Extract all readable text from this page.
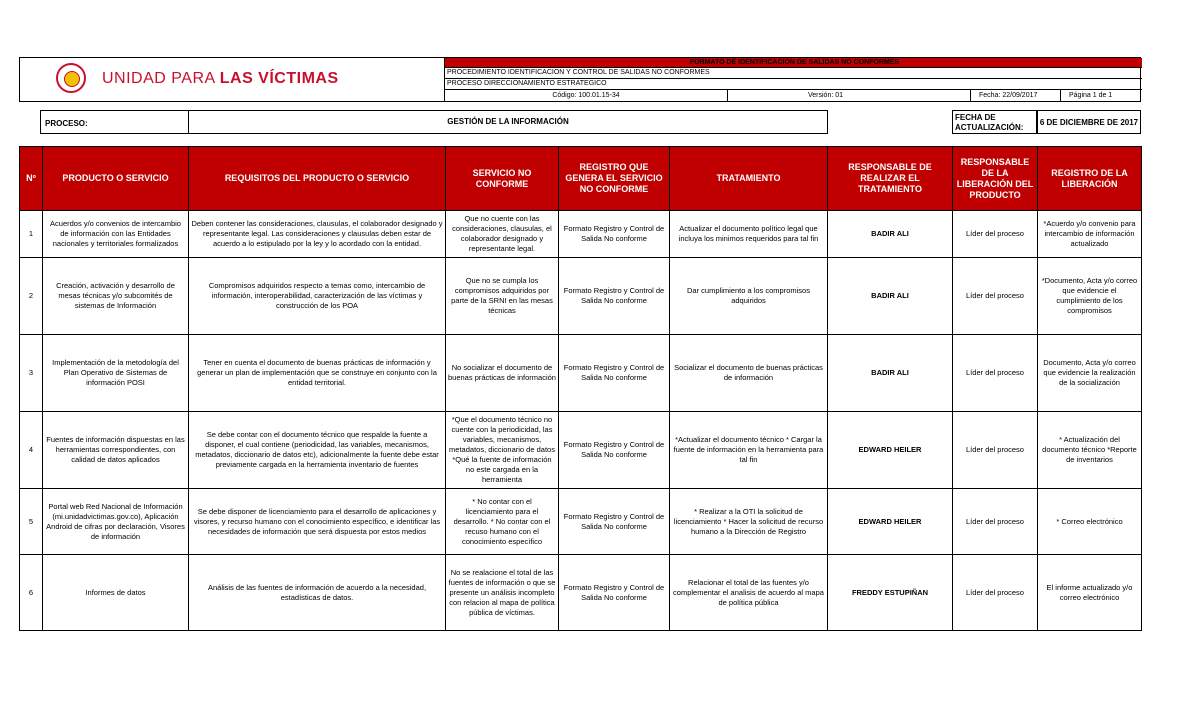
UNIDAD PARA LAS VÍCTIMAS
FORMATO DE IDENTIFICACIÓN DE SALIDAS NO CONFORMES
PROCEDIMIENTO IDENTIFICACION Y CONTROL DE SALIDAS NO CONFORMES
PROCESO DIRECCIONAMIENTO ESTRATEGICO
Código: 100.01.15-34	Versión: 01	Fecha: 22/09/2017	Página 1 de 1
PROCESO:	GESTIÓN DE LA INFORMACIÓN	FECHA DE
ACTUALIZACIÓN:
6 DE DICIEMBRE DE 2017
Nº	PRODUCTO O SERVICIO	REQUISITOS DEL PRODUCTO O SERVICIO	SERVICIO NO CONFORME	REGISTRO QUE GENERA EL SERVICIO NO CONFORME	TRATAMIENTO	RESPONSABLE DE REALIZAR EL TRATAMIENTO	RESPONSABLE DE LA LIBERACIÓN DEL PRODUCTO	REGISTRO DE LA LIBERACIÓN
1	Acuerdos y/o convenios de intercambio de información con las Entidades nacionales y territoriales formalizados	Deben contener las consideraciones, clausulas, el colaborador designado y representante legal. Las consideraciones y clausulas deben estar de acuerdo a lo estipulado por la ley y lo acordado con la entidad.	Que no cuente con las consideraciones, clausulas, el colaborador designado y representante legal.	Formato Registro y Control de Salida No conforme	Actualizar el documento político legal que incluya los minimos requeridos para tal fin	BADIR ALI	Líder del proceso	*Acuerdo y/o convenio para intercambio de información actualizado
2	Creación, activación y desarrollo de mesas técnicas y/o subcomités de sistemas de Información	Compromisos adquiridos respecto a temas como, intercambio de información, interoperabilidad, caracterización de las víctimas y construcción de los POA	Que no se cumpla los compromisos adquiridos por parte de la SRNI en las mesas técnicas	Formato Registro y Control de Salida No conforme	Dar cumplimiento a los compromisos adquiridos	BADIR ALI	Líder del proceso	*Documento, Acta y/o correo que evidencie el cumplimiento de los compromisos
3	Implementación de la metodología del Plan Operativo de Sistemas de información POSI	Tener en cuenta el documento de buenas prácticas de información y generar un plan de implementación que se construye en conjunto con la entidad territorial.	No socializar el documento de buenas prácticas de información	Formato Registro y Control de Salida No conforme	Socializar el documento de buenas prácticas de información	BADIR ALI	Líder del proceso	Documento, Acta y/o correo que evidencie la realización de la socialización
4	Fuentes de información dispuestas en las herramientas correspondientes, con calidad de datos aplicados	Se debe contar con el documento técnico que respalde la fuente a disponer, el cual contiene (periodicidad, las variables, mecanismos, metadatos, diccionario de datos etc), adicionalmente la fuente debe estar previamente cargada en la herramienta inventario de fuentes	*Que el documento técnico no cuente con la periodicidad, las variables, mecanismos, metadatos, diccionario de datos *Qué la fuente de información no este cargada en la herramienta	Formato Registro y Control de Salida No conforme	*Actualizar el documento técnico * Cargar la fuente de información en la herramienta para tal fin	EDWARD HEILER	Líder del proceso	* Actualización del documento técnico *Reporte de inventarios
5	Portal web Red Nacional de Información (mi.unidadvictimas.gov.co), Aplicación Android de cifras por declaración, Visores de información	Se debe disponer de licenciamiento para el desarrollo de aplicaciones y visores, y recurso humano con el conocimiento específico, e identificar las necesidades de información que será dispuesta por estos medios	* No contar con el licenciamiento para el desarrollo. * No contar con el recuso humano con el conocimiento específico	Formato Registro y Control de Salida No conforme	* Realizar a la OTI la solicitud de licenciamiento * Hacer la solicitud de recurso humano a la Dirección de Registro	EDWARD HEILER	Líder del proceso	* Correo electrónico
6	Informes de datos	Análisis de las fuentes de información de acuerdo a la necesidad, estadísticas de datos.	No se realacione el total de las fuentes de información o que se presente un análisis incompleto con relacion al mapa de política pública de víctimas.	Formato Registro y Control de Salida No conforme	Relacionar el total de las fuentes y/o complementar el analisis de acuerdo al mapa de política pública	FREDDY ESTUPIÑAN	Líder del proceso	El informe actualizado y/o correo electrónico
